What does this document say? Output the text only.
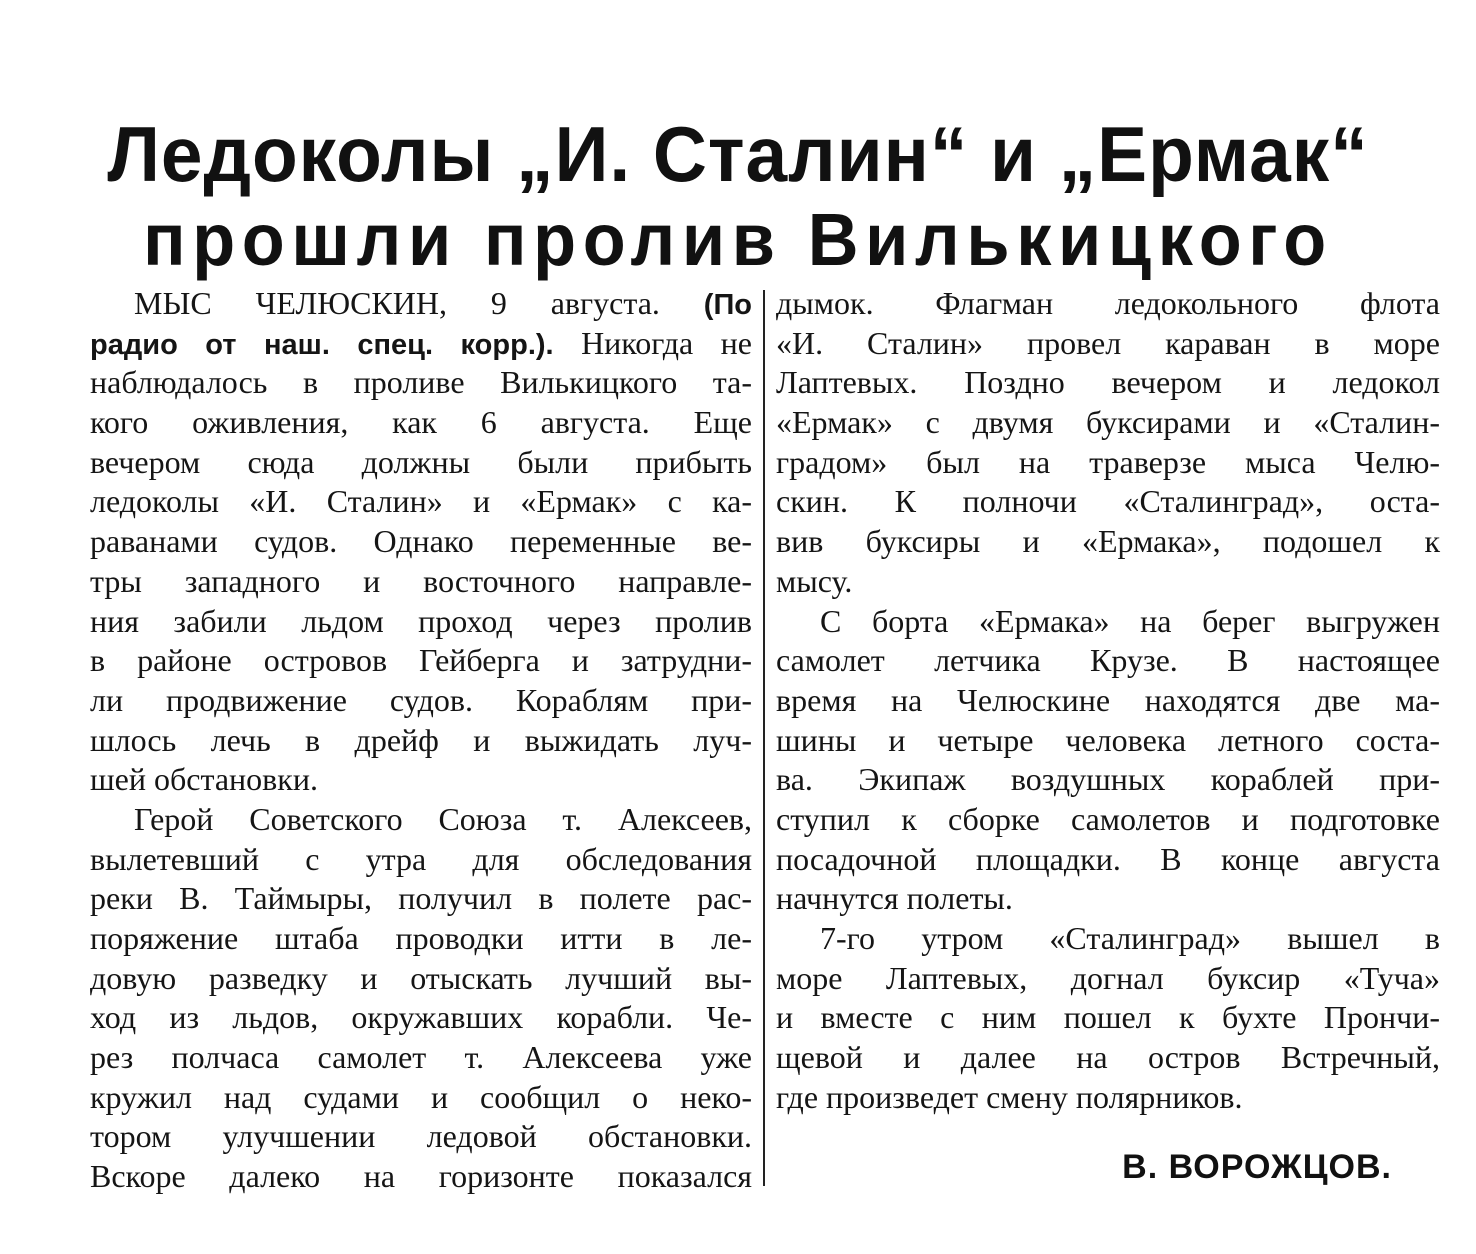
Ледоколы „И. Сталин“ и „Ермак“
прошли пролив Вилькицкого
МЫС ЧЕЛЮСКИН, 9 августа. (По
радио от наш. спец. корр.). Никогда не
наблюдалось в проливе Вилькицкого та-
кого оживления, как 6 августа. Еще
вечером сюда должны были прибыть
ледоколы «И. Сталин» и «Ермак» с ка-
раванами судов. Однако переменные ве-
тры западного и восточного направле-
ния забили льдом проход через пролив
в районе островов Гейберга и затрудни-
ли продвижение судов. Кораблям при-
шлось лечь в дрейф и выжидать луч-
шей обстановки.
Герой Советского Союза т. Алексеев,
вылетевший с утра для обследования
реки В. Таймыры, получил в полете рас-
поряжение штаба проводки итти в ле-
довую разведку и отыскать лучший вы-
ход из льдов, окружавших корабли. Че-
рез полчаса самолет т. Алексеева уже
кружил над судами и сообщил о неко-
тором улучшении ледовой обстановки.
Вскоре далеко на горизонте показался
дымок. Флагман ледокольного флота
«И. Сталин» провел караван в море
Лаптевых. Поздно вечером и ледокол
«Ермак» с двумя буксирами и «Сталин-
градом» был на траверзе мыса Челю-
скин. К полночи «Сталинград», оста-
вив буксиры и «Ермака», подошел к
мысу.
С борта «Ермака» на берег выгружен
самолет летчика Крузе. В настоящее
время на Челюскине находятся две ма-
шины и четыре человека летного соста-
ва. Экипаж воздушных кораблей при-
ступил к сборке самолетов и подготовке
посадочной площадки. В конце августа
начнутся полеты.
7-го утром «Сталинград» вышел в
море Лаптевых, догнал буксир «Туча»
и вместе с ним пошел к бухте Прончи-
щевой и далее на остров Встречный,
где произведет смену полярников.
В. ВОРОЖЦОВ.
